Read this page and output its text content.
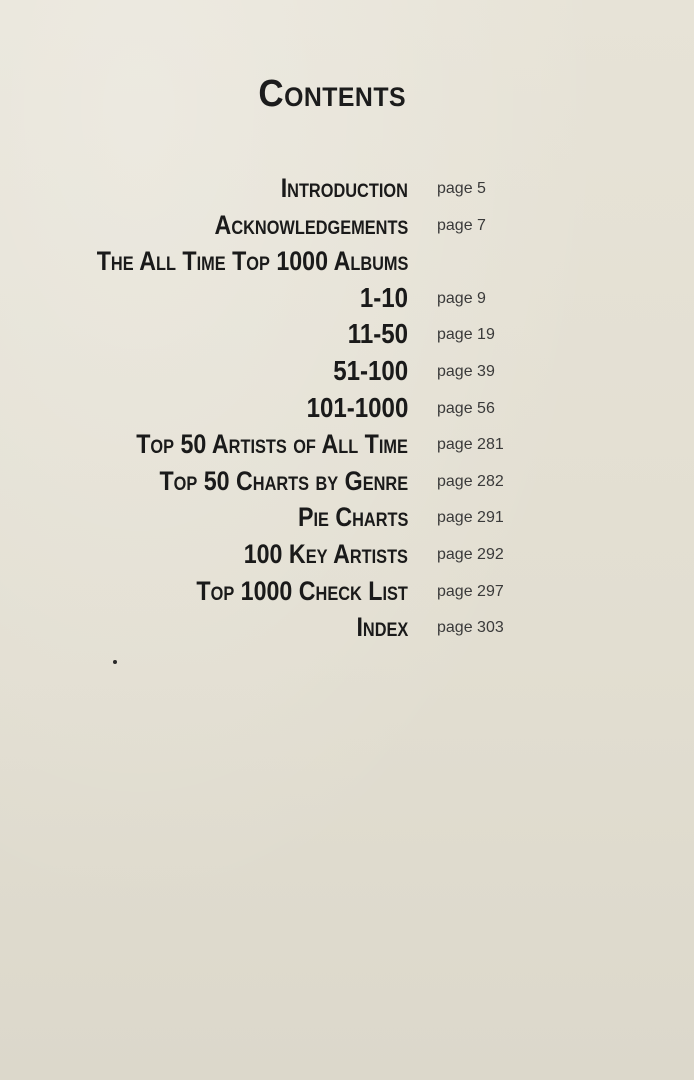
Contents
Introduction page 5
Acknowledgements page 7
The All Time Top 1000 Albums
1-10 page 9
11-50 page 19
51-100 page 39
101-1000 page 56
Top 50 Artists of All Time page 281
Top 50 Charts by Genre page 282
Pie Charts page 291
100 Key Artists page 292
Top 1000 Check List page 297
Index page 303
